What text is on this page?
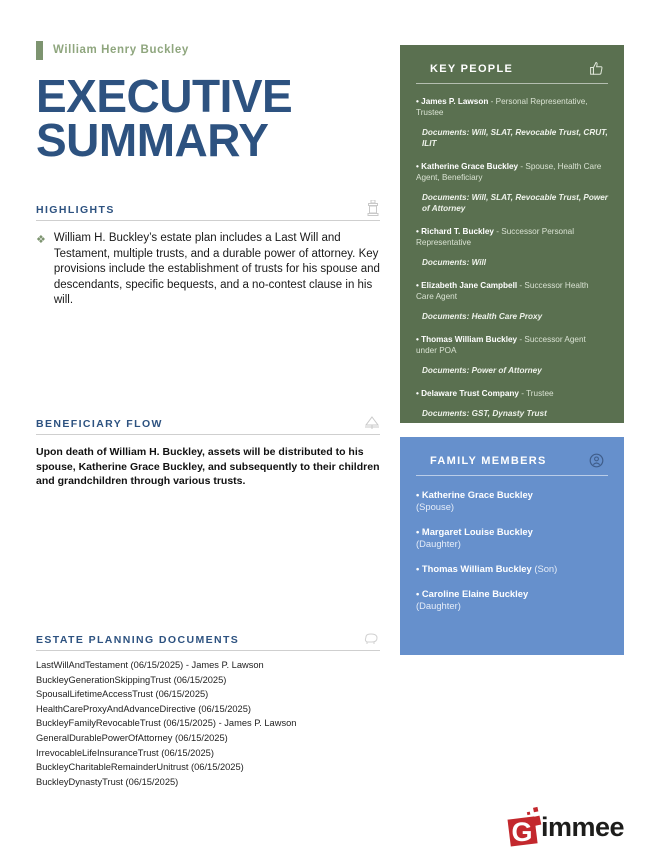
William Henry Buckley
EXECUTIVE
SUMMARY
HIGHLIGHTS
❖ William H. Buckley’s estate plan includes a Last Will and Testament, multiple trusts, and a durable power of attorney. Key provisions include the establishment of trusts for his spouse and descendants, specific bequests, and a no-contest clause in his will.
BENEFICIARY FLOW
Upon death of William H. Buckley, assets will be distributed to his spouse, Katherine Grace Buckley, and subsequently to their children and grandchildren through various trusts.
ESTATE PLANNING DOCUMENTS
LastWillAndTestament (06/15/2025) - James P. Lawson
BuckleyGenerationSkippingTrust (06/15/2025)
SpousalLifetimeAccessTrust (06/15/2025)
HealthCareProxyAndAdvanceDirective (06/15/2025)
BuckleyFamilyRevocableTrust (06/15/2025) - James P. Lawson
GeneralDurablePowerOfAttorney (06/15/2025)
IrrevocableLifeInsuranceTrust (06/15/2025)
BuckleyCharitableRemainderUnitrust (06/15/2025)
BuckleyDynastyTrust (06/15/2025)
KEY PEOPLE
• James P. Lawson - Personal Representative, Trustee
Documents: Will, SLAT, Revocable Trust, CRUT, ILIT
• Katherine Grace Buckley - Spouse, Health Care Agent, Beneficiary
Documents: Will, SLAT, Revocable Trust, Power of Attorney
• Richard T. Buckley - Successor Personal Representative
Documents: Will
• Elizabeth Jane Campbell - Successor Health Care Agent
Documents: Health Care Proxy
• Thomas William Buckley - Successor Agent under POA
Documents: Power of Attorney
• Delaware Trust Company - Trustee
Documents: GST, Dynasty Trust
FAMILY MEMBERS
• Katherine Grace Buckley
(Spouse)
• Margaret Louise Buckley
(Daughter)
• Thomas William Buckley (Son)
• Caroline Elaine Buckley
(Daughter)
G immee
